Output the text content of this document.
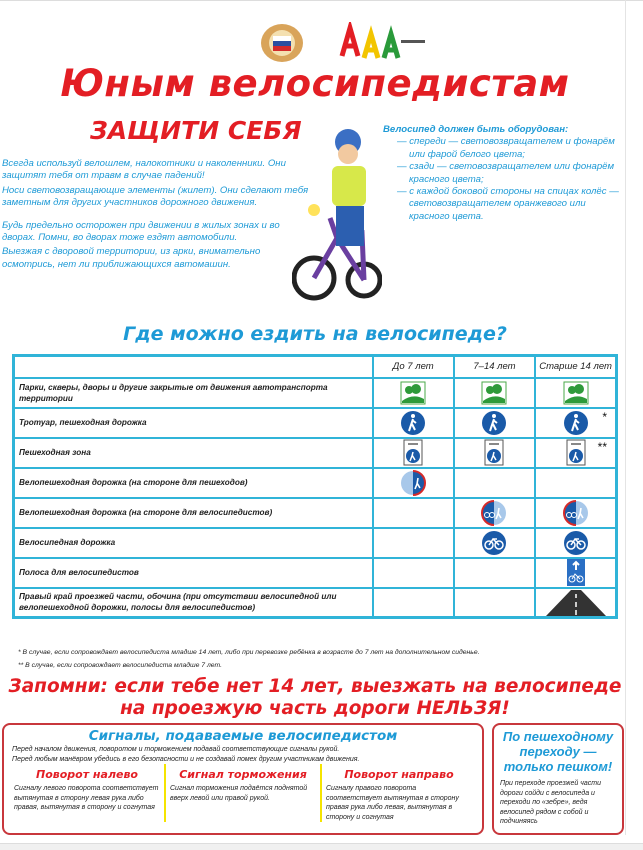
Юным велосипедистам
ЗАЩИТИ СЕБЯ

Всегда используй велошлем, налокотники и наколенники. Они защитят тебя от травм в случае падений!

Носи световозвращающие элементы (жилет). Они сделают тебя заметным для других участников дорожного движения.

Будь предельно осторожен при движении в жилых зонах и во дворах. Помни, во дворах тоже ездят автомобили.

Выезжая с дворовой территории, из арки, внимательно осмотрись, нет ли приближающихся автомашин.

Велосипед должен быть оборудован:
— спереди — световозвращателем и фонарём или фарой белого цвета;
— сзади — световозвращателем или фонарём красного цвета;
— с каждой боковой стороны на спицах колёс — световозвращателем оранжевого или красного цвета.
Где можно ездить на велосипеде?
	До 7 лет	7–14 лет	Старше 14 лет
Парки, скверы, дворы и другие закрытые от движения автотранспорта территории			
Тротуар, пешеходная дорожка			*

Пешеходная зона			**

Велопешеходная дорожка (на стороне для пешеходов)			
Велопешеходная дорожка (на стороне для велосипедистов)			
Велосипедная дорожка			
Полоса для велосипедистов			
Правый край проезжей части, обочина (при отсутствии велосипедной или велопешеходной дорожки, полосы для велосипедистов)			
* В случае, если сопровождает велосипедиста младше 14 лет, либо при перевозке ребёнка в возрасте до 7 лет на дополнительном сиденье.
** В случае, если сопровождает велосипедиста младше 7 лет.
Запомни: если тебе нет 14 лет, выезжать на велосипеде
на проезжую часть дороги НЕЛЬЗЯ!
Сигналы, подаваемые велосипедистом
Перед началом движения, поворотом и торможением подавай соответствующие сигналы рукой.
Перед любым манёвром убедись в его безопасности и не создавай помех другим участникам движения.
Поворот налево
Сигналу левого поворота соответствует вытянутая в сторону левая рука либо правая, вытянутая в сторону и согнутая
Сигнал торможения
Сигнал торможения подаётся поднятой вверх левой или правой рукой.
Поворот направо
Сигналу правого поворота соответствует вытянутая в сторону правая рука либо левая, вытянутая в сторону и согнутая
По пешеходному переходу — только пешком!
При переходе проезжей части дороги сойди с велосипеда и переходи по «зебре», ведя велосипед рядом с собой и подчиняясь
